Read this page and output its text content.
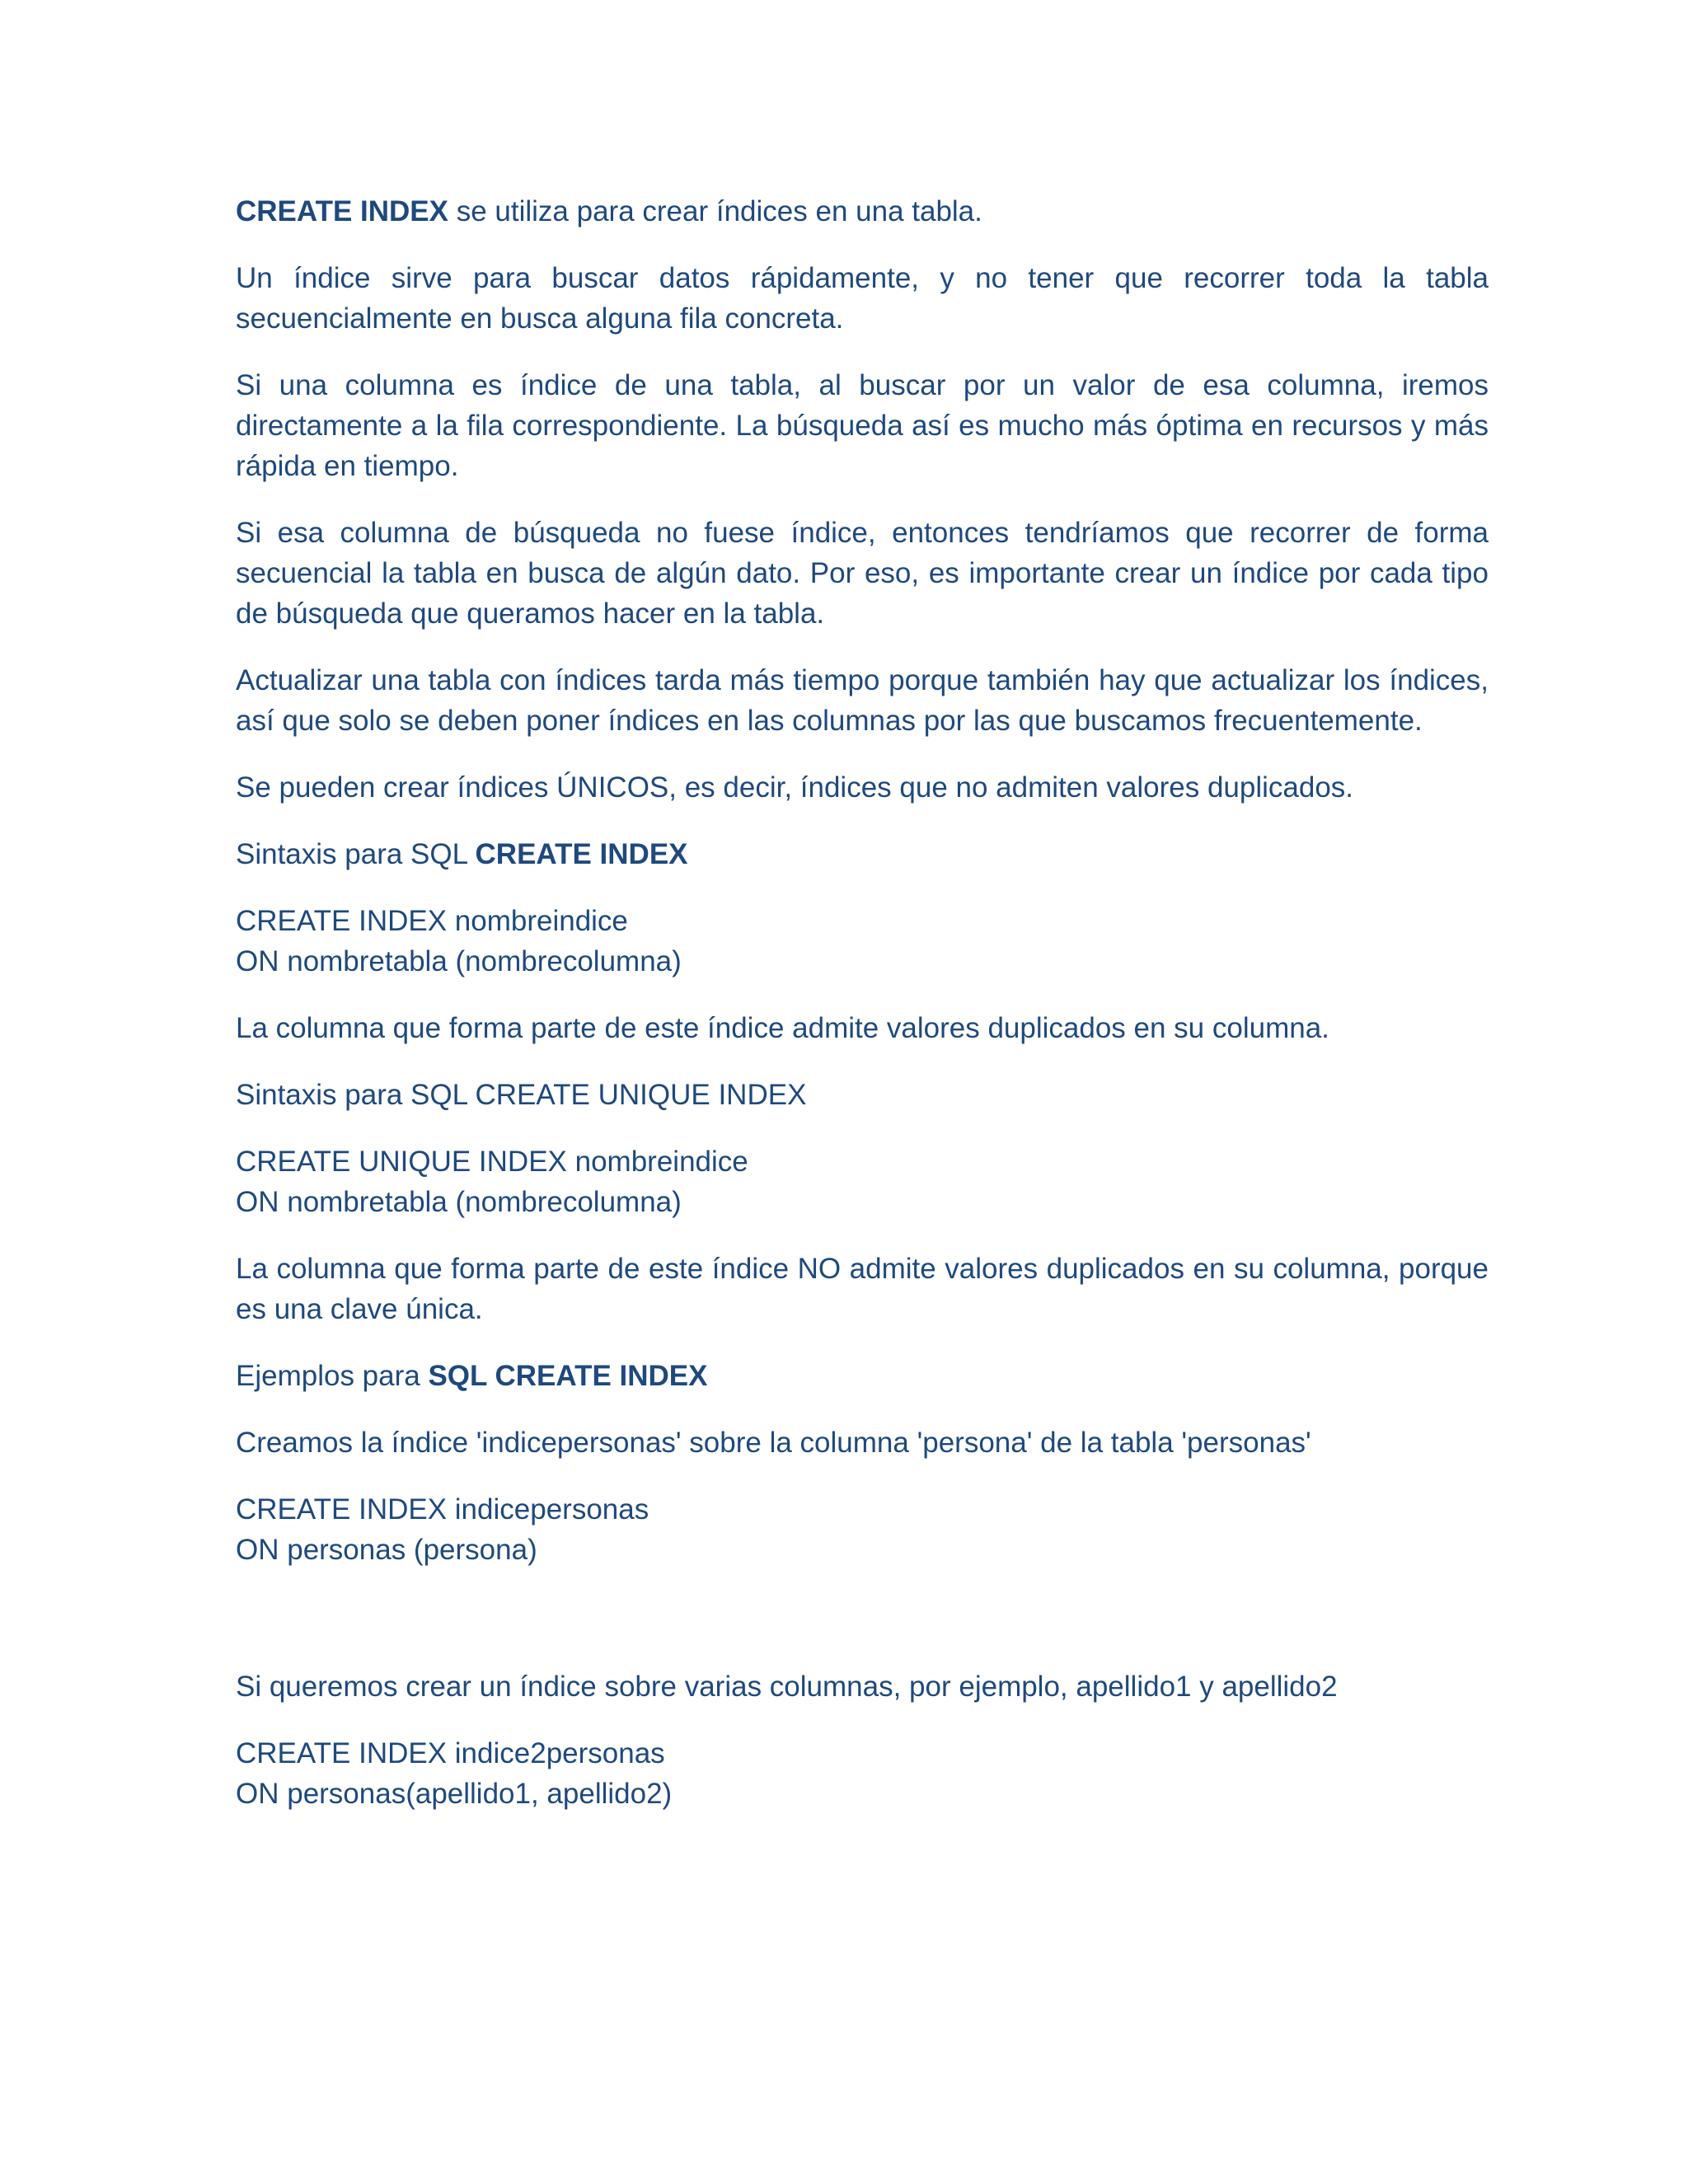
CREATE INDEX se utiliza para crear índices en una tabla.

Un índice sirve para buscar datos rápidamente, y no tener que recorrer toda la tabla secuencialmente en busca alguna fila concreta.

Si una columna es índice de una tabla, al buscar por un valor de esa columna, iremos directamente a la fila correspondiente. La búsqueda así es mucho más óptima en recursos y más rápida en tiempo.

Si esa columna de búsqueda no fuese índice, entonces tendríamos que recorrer de forma secuencial la tabla en busca de algún dato. Por eso, es importante crear un índice por cada tipo de búsqueda que queramos hacer en la tabla.

Actualizar una tabla con índices tarda más tiempo porque también hay que actualizar los índices, así que solo se deben poner índices en las columnas por las que buscamos frecuentemente.

Se pueden crear índices ÚNICOS, es decir, índices que no admiten valores duplicados.

Sintaxis para SQL CREATE INDEX

CREATE INDEX nombreindice
ON nombretabla (nombrecolumna)

La columna que forma parte de este índice admite valores duplicados en su columna.

Sintaxis para SQL CREATE UNIQUE INDEX

CREATE UNIQUE INDEX nombreindice
ON nombretabla (nombrecolumna)

La columna que forma parte de este índice NO admite valores duplicados en su columna, porque es una clave única.

Ejemplos para SQL CREATE INDEX

Creamos la índice 'indicepersonas' sobre la columna 'persona' de la tabla 'personas'

CREATE INDEX indicepersonas
ON personas (persona)

Si queremos crear un índice sobre varias columnas, por ejemplo, apellido1 y apellido2

CREATE INDEX indice2personas
ON personas(apellido1, apellido2)
